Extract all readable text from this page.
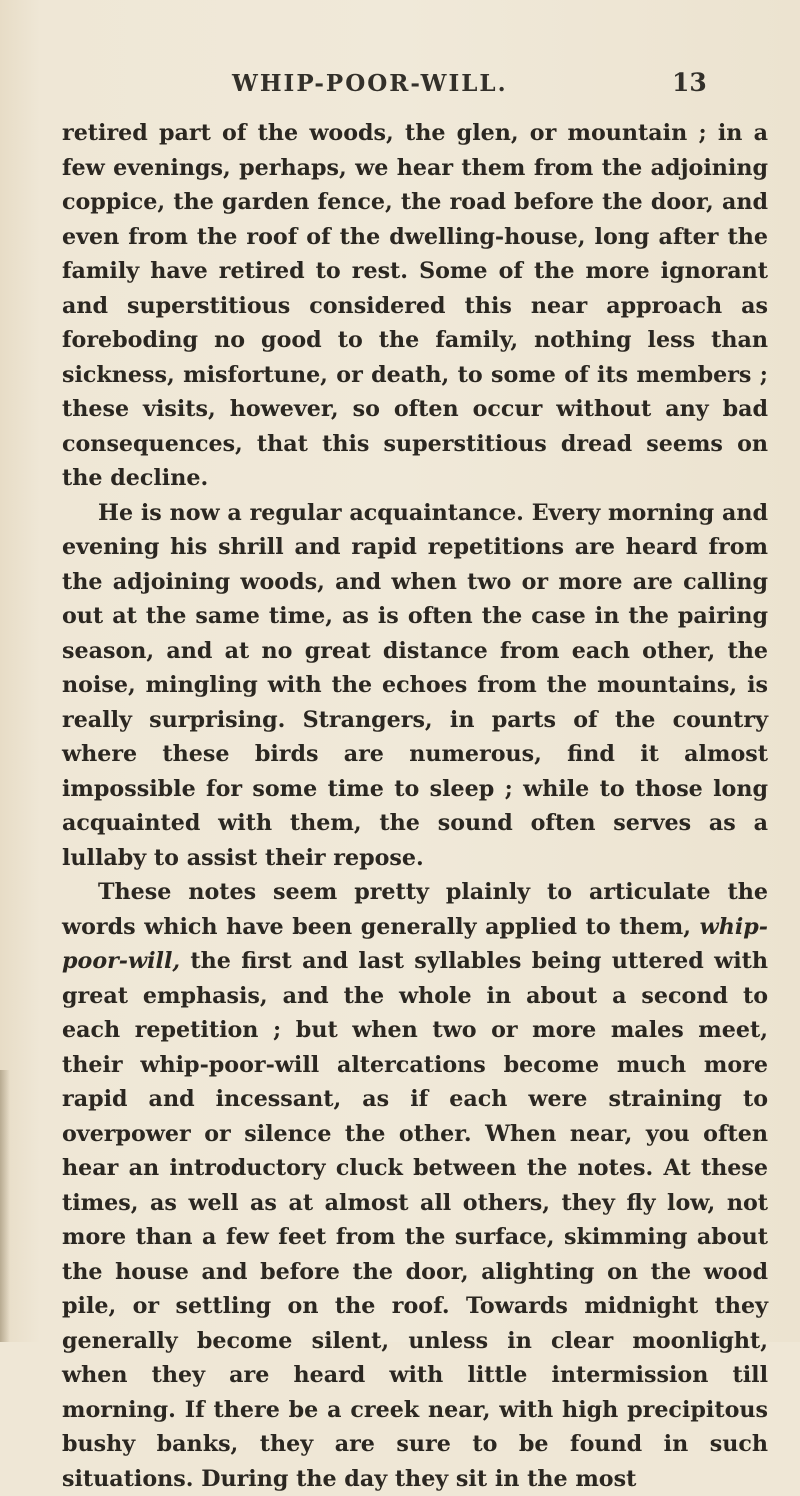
WHIP-POOR-WILL.	13

retired part of the woods, the glen, or mountain ; in a few evenings, perhaps, we hear them from the adjoining coppice, the garden fence, the road before the door, and even from the roof of the dwelling-house, long after the family have retired to rest. Some of the more ignorant and superstitious considered this near approach as foreboding no good to the family, nothing less than sickness, misfortune, or death, to some of its members ; these visits, however, so often occur without any bad consequences, that this superstitious dread seems on the decline.

He is now a regular acquaintance. Every morning and evening his shrill and rapid repetitions are heard from the adjoining woods, and when two or more are calling out at the same time, as is often the case in the pairing season, and at no great distance from each other, the noise, mingling with the echoes from the mountains, is really surprising. Strangers, in parts of the country where these birds are numerous, find it almost impossible for some time to sleep ; while to those long acquainted with them, the sound often serves as a lullaby to assist their repose.

These notes seem pretty plainly to articulate the words which have been generally applied to them, whip-poor-will, the first and last syllables being uttered with great emphasis, and the whole in about a second to each repetition ; but when two or more males meet, their whip-poor-will altercations become much more rapid and incessant, as if each were straining to overpower or silence the other. When near, you often hear an introductory cluck between the notes. At these times, as well as at almost all others, they fly low, not more than a few feet from the surface, skimming about the house and before the door, alighting on the wood pile, or settling on the roof. Towards midnight they generally become silent, unless in clear moonlight, when they are heard with little intermission till morning. If there be a creek near, with high precipitous bushy banks, they are sure to be found in such situations. During the day they sit in the most
